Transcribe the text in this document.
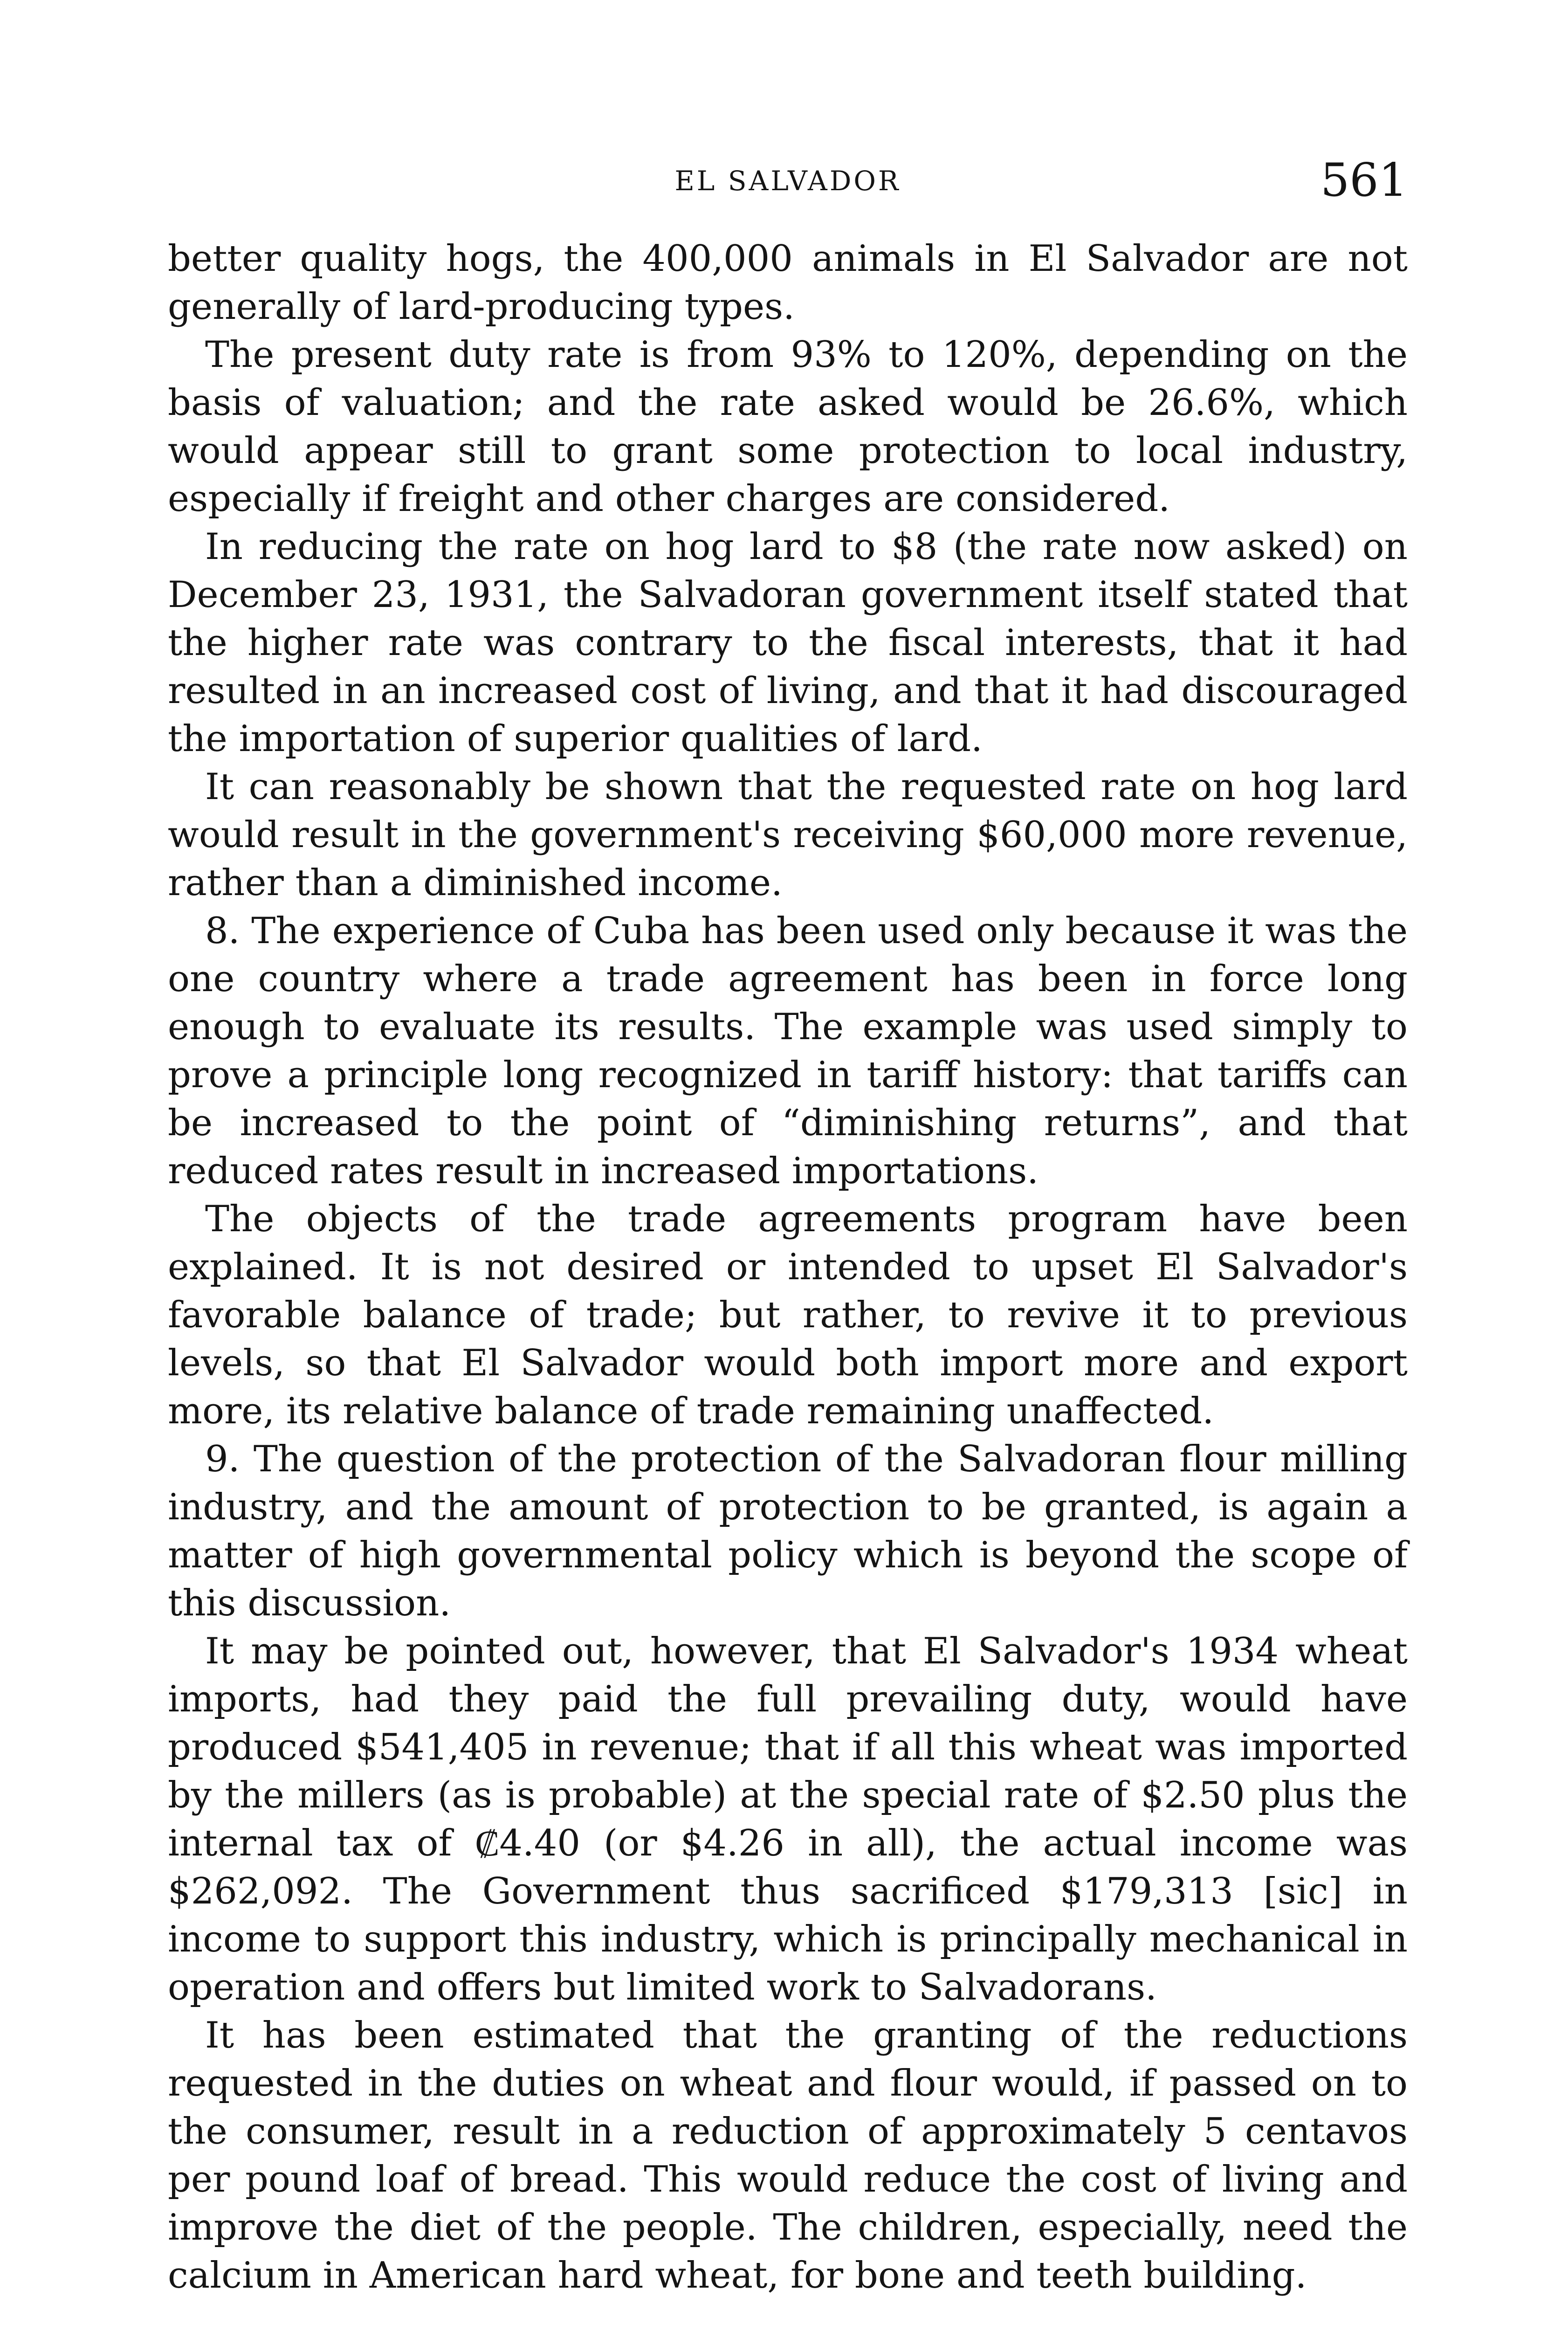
EL SALVADOR	561

better quality hogs, the 400,000 animals in El Salvador are not generally of lard-producing types.

The present duty rate is from 93% to 120%, depending on the basis of valuation; and the rate asked would be 26.6%, which would appear still to grant some protection to local industry, especially if freight and other charges are considered.

In reducing the rate on hog lard to $8 (the rate now asked) on December 23, 1931, the Salvadoran government itself stated that the higher rate was contrary to the fiscal interests, that it had resulted in an increased cost of living, and that it had discouraged the importation of superior qualities of lard.

It can reasonably be shown that the requested rate on hog lard would result in the government's receiving $60,000 more revenue, rather than a diminished income.

8. The experience of Cuba has been used only because it was the one country where a trade agreement has been in force long enough to evaluate its results. The example was used simply to prove a principle long recognized in tariff history: that tariffs can be increased to the point of “diminishing returns”, and that reduced rates result in increased importations.

The objects of the trade agreements program have been explained. It is not desired or intended to upset El Salvador's favorable balance of trade; but rather, to revive it to previous levels, so that El Salvador would both import more and export more, its relative balance of trade remaining unaffected.

9. The question of the protection of the Salvadoran flour milling industry, and the amount of protection to be granted, is again a matter of high governmental policy which is beyond the scope of this discussion.

It may be pointed out, however, that El Salvador's 1934 wheat imports, had they paid the full prevailing duty, would have produced $541,405 in revenue; that if all this wheat was imported by the millers (as is probable) at the special rate of $2.50 plus the internal tax of ₡4.40 (or $4.26 in all), the actual income was $262,092. The Government thus sacrificed $179,313 [sic] in income to support this industry, which is principally mechanical in operation and offers but limited work to Salvadorans.

It has been estimated that the granting of the reductions requested in the duties on wheat and flour would, if passed on to the consumer, result in a reduction of approximately 5 centavos per pound loaf of bread. This would reduce the cost of living and improve the diet of the people. The children, especially, need the calcium in American hard wheat, for bone and teeth building.
